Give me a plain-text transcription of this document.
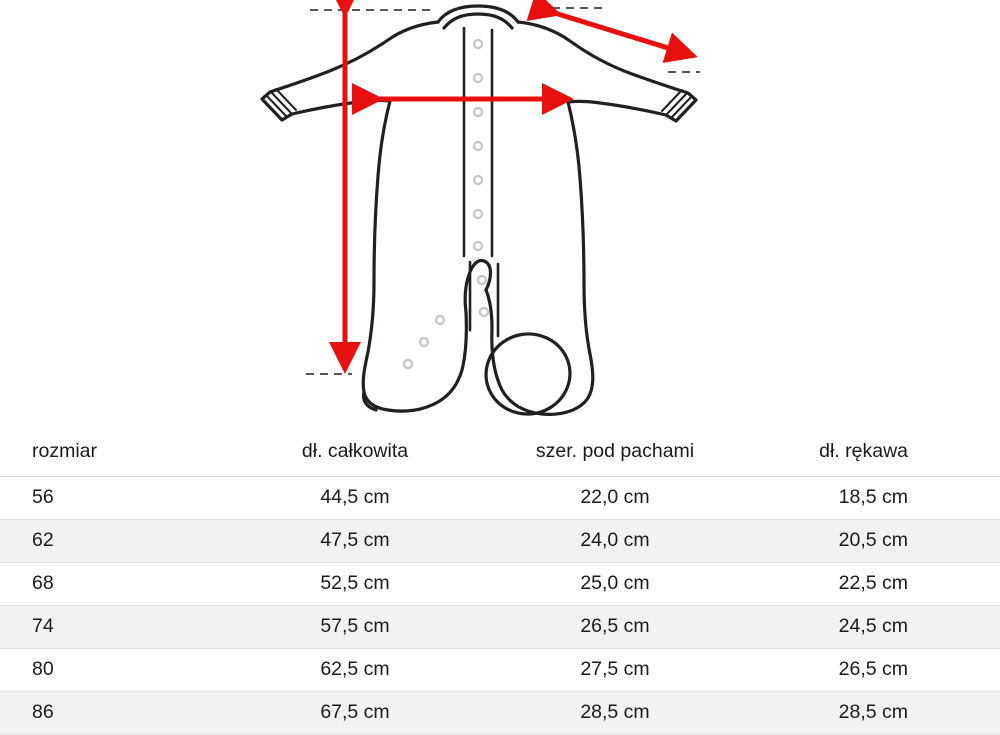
rozmiar	dł. całkowita	szer. pod pachami	dł. rękawa
56	44,5 cm	22,0 cm	18,5 cm
62	47,5 cm	24,0 cm	20,5 cm
68	52,5 cm	25,0 cm	22,5 cm
74	57,5 cm	26,5 cm	24,5 cm
80	62,5 cm	27,5 cm	26,5 cm
86	67,5 cm	28,5 cm	28,5 cm
